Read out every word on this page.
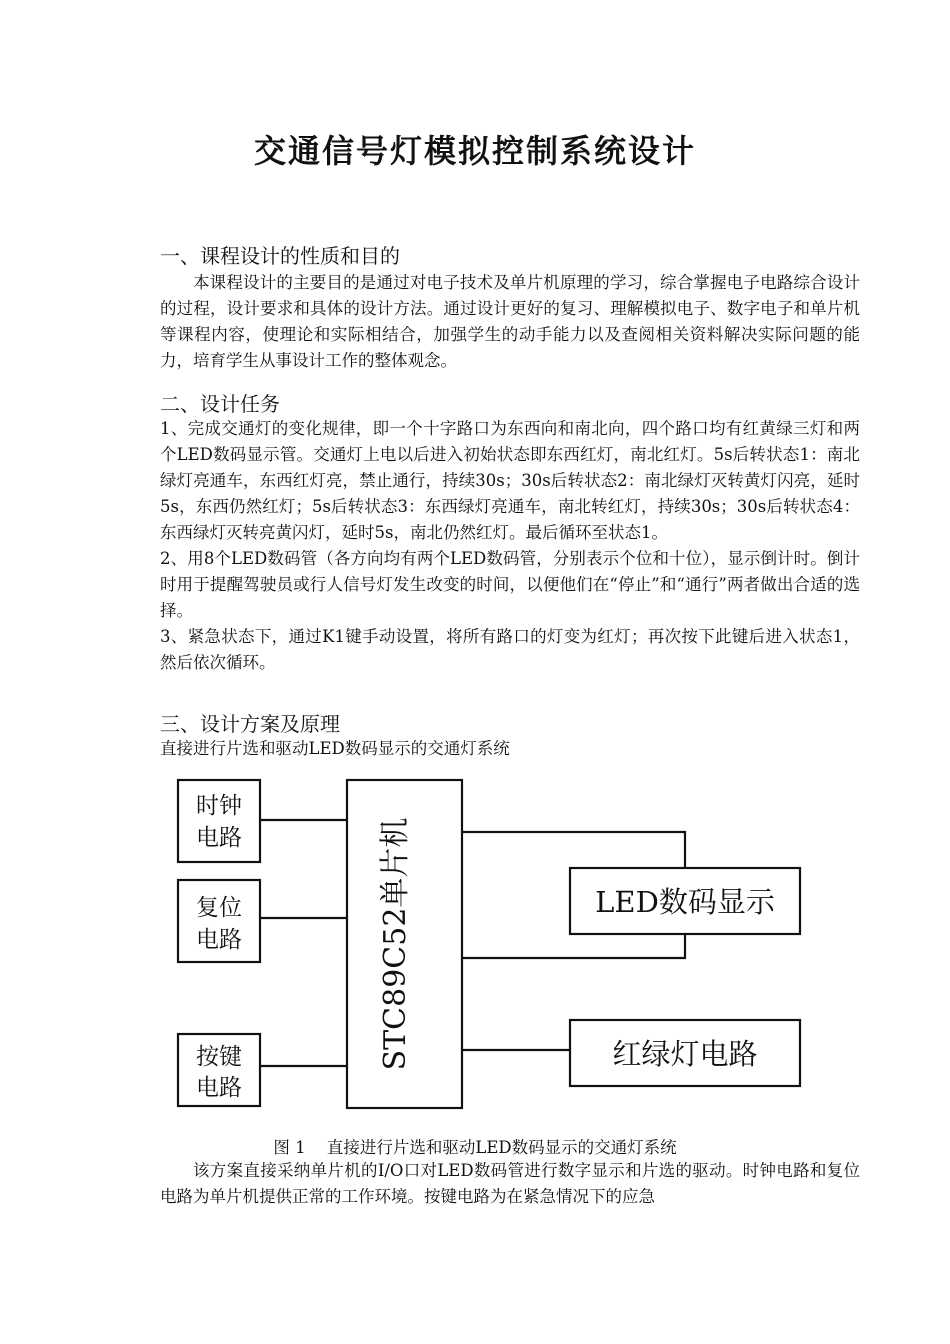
交通信号灯模拟控制系统设计
一、课程设计的性质和目的

本课程设计的主要目的是通过对电子技术及单片机原理的学习，综合掌握电子电路综合设计的过程，设计要求和具体的设计方法。通过设计更好的复习、理解模拟电子、数字电子和单片机等课程内容，使理论和实际相结合，加强学生的动手能力以及查阅相关资料解决实际问题的能力，培育学生从事设计工作的整体观念。

二、设计任务

1、完成交通灯的变化规律，即一个十字路口为东西向和南北向，四个路口均有红黄绿三灯和两个LED数码显示管。交通灯上电以后进入初始状态即东西红灯，南北红灯。5s后转状态1：南北绿灯亮通车，东西红灯亮，禁止通行，持续30s；30s后转状态2：南北绿灯灭转黄灯闪亮，延时5s，东西仍然红灯；5s后转状态3：东西绿灯亮通车，南北转红灯，持续30s；30s后转状态4：东西绿灯灭转亮黄闪灯，延时5s，南北仍然红灯。最后循环至状态1。

2、用8个LED数码管（各方向均有两个LED数码管，分别表示个位和十位），显示倒计时。倒计时用于提醒驾驶员或行人信号灯发生改变的时间，以便他们在“停止”和“通行”两者做出合适的选择。

3、紧急状态下，通过K1键手动设置，将所有路口的灯变为红灯；再次按下此键后进入状态1，然后依次循环。

三、设计方案及原理
直接进行片选和驱动LED数码显示的交通灯系统
时钟
电路
复位
电路
按键
电路
STC89C52单片机	LED数码显示
红绿灯电路
图 1 直接进行片选和驱动LED数码显示的交通灯系统

该方案直接采纳单片机的I/O口对LED数码管进行数字显示和片选的驱动。时钟电路和复位电路为单片机提供正常的工作环境。按键电路为在紧急情况下的应急
